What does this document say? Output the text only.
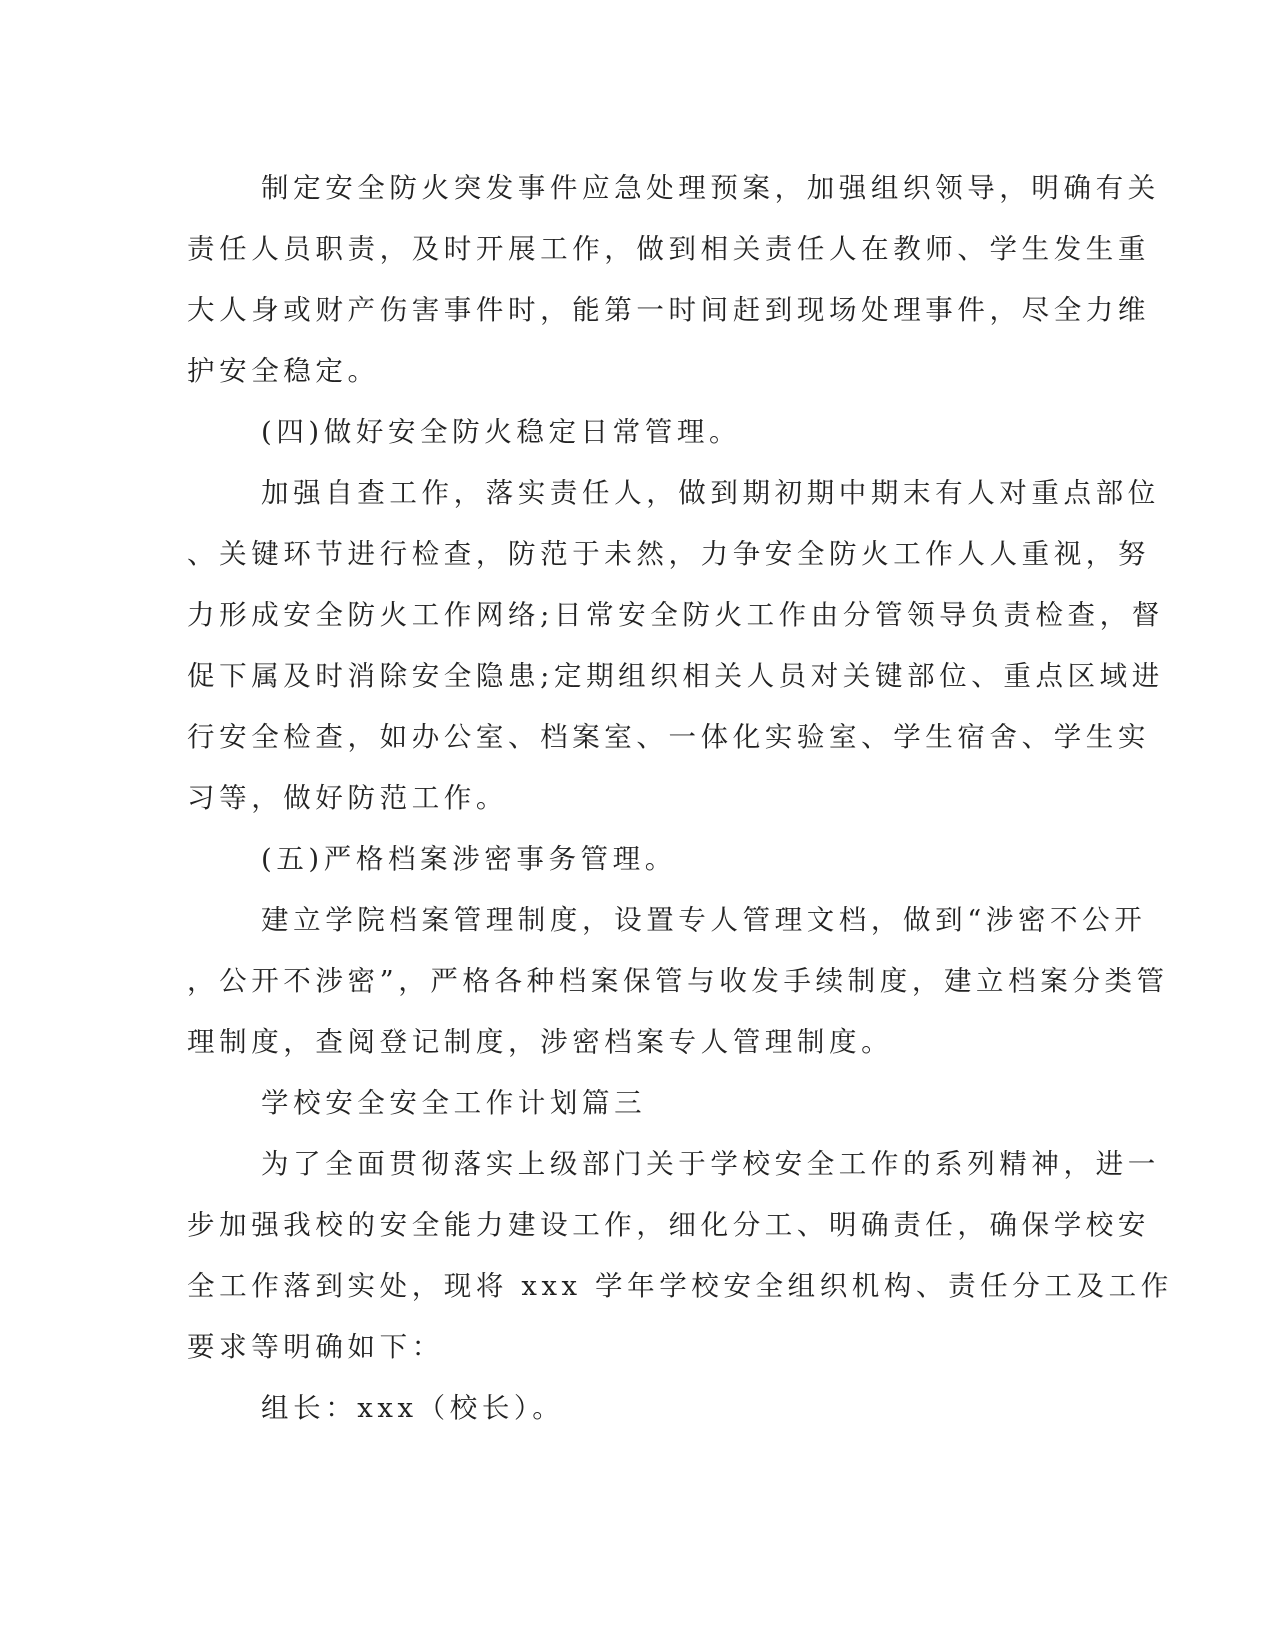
制定安全防火突发事件应急处理预案，加强组织领导，明确有关
责任人员职责，及时开展工作，做到相关责任人在教师、学生发生重
大人身或财产伤害事件时，能第一时间赶到现场处理事件，尽全力维
护安全稳定。

(四)做好安全防火稳定日常管理。

加强自查工作，落实责任人，做到期初期中期末有人对重点部位
、关键环节进行检查，防范于未然，力争安全防火工作人人重视，努
力形成安全防火工作网络;日常安全防火工作由分管领导负责检查，督
促下属及时消除安全隐患;定期组织相关人员对关键部位、重点区域进
行安全检查，如办公室、档案室、一体化实验室、学生宿舍、学生实
习等，做好防范工作。

(五)严格档案涉密事务管理。

建立学院档案管理制度，设置专人管理文档，做到“涉密不公开
，公开不涉密”，严格各种档案保管与收发手续制度，建立档案分类管
理制度，查阅登记制度，涉密档案专人管理制度。

学校安全安全工作计划篇三

为了全面贯彻落实上级部门关于学校安全工作的系列精神，进一
步加强我校的安全能力建设工作，细化分工、明确责任，确保学校安
全工作落到实处，现将 xxx 学年学校安全组织机构、责任分工及工作
要求等明确如下：

组长：xxx（校长）。
